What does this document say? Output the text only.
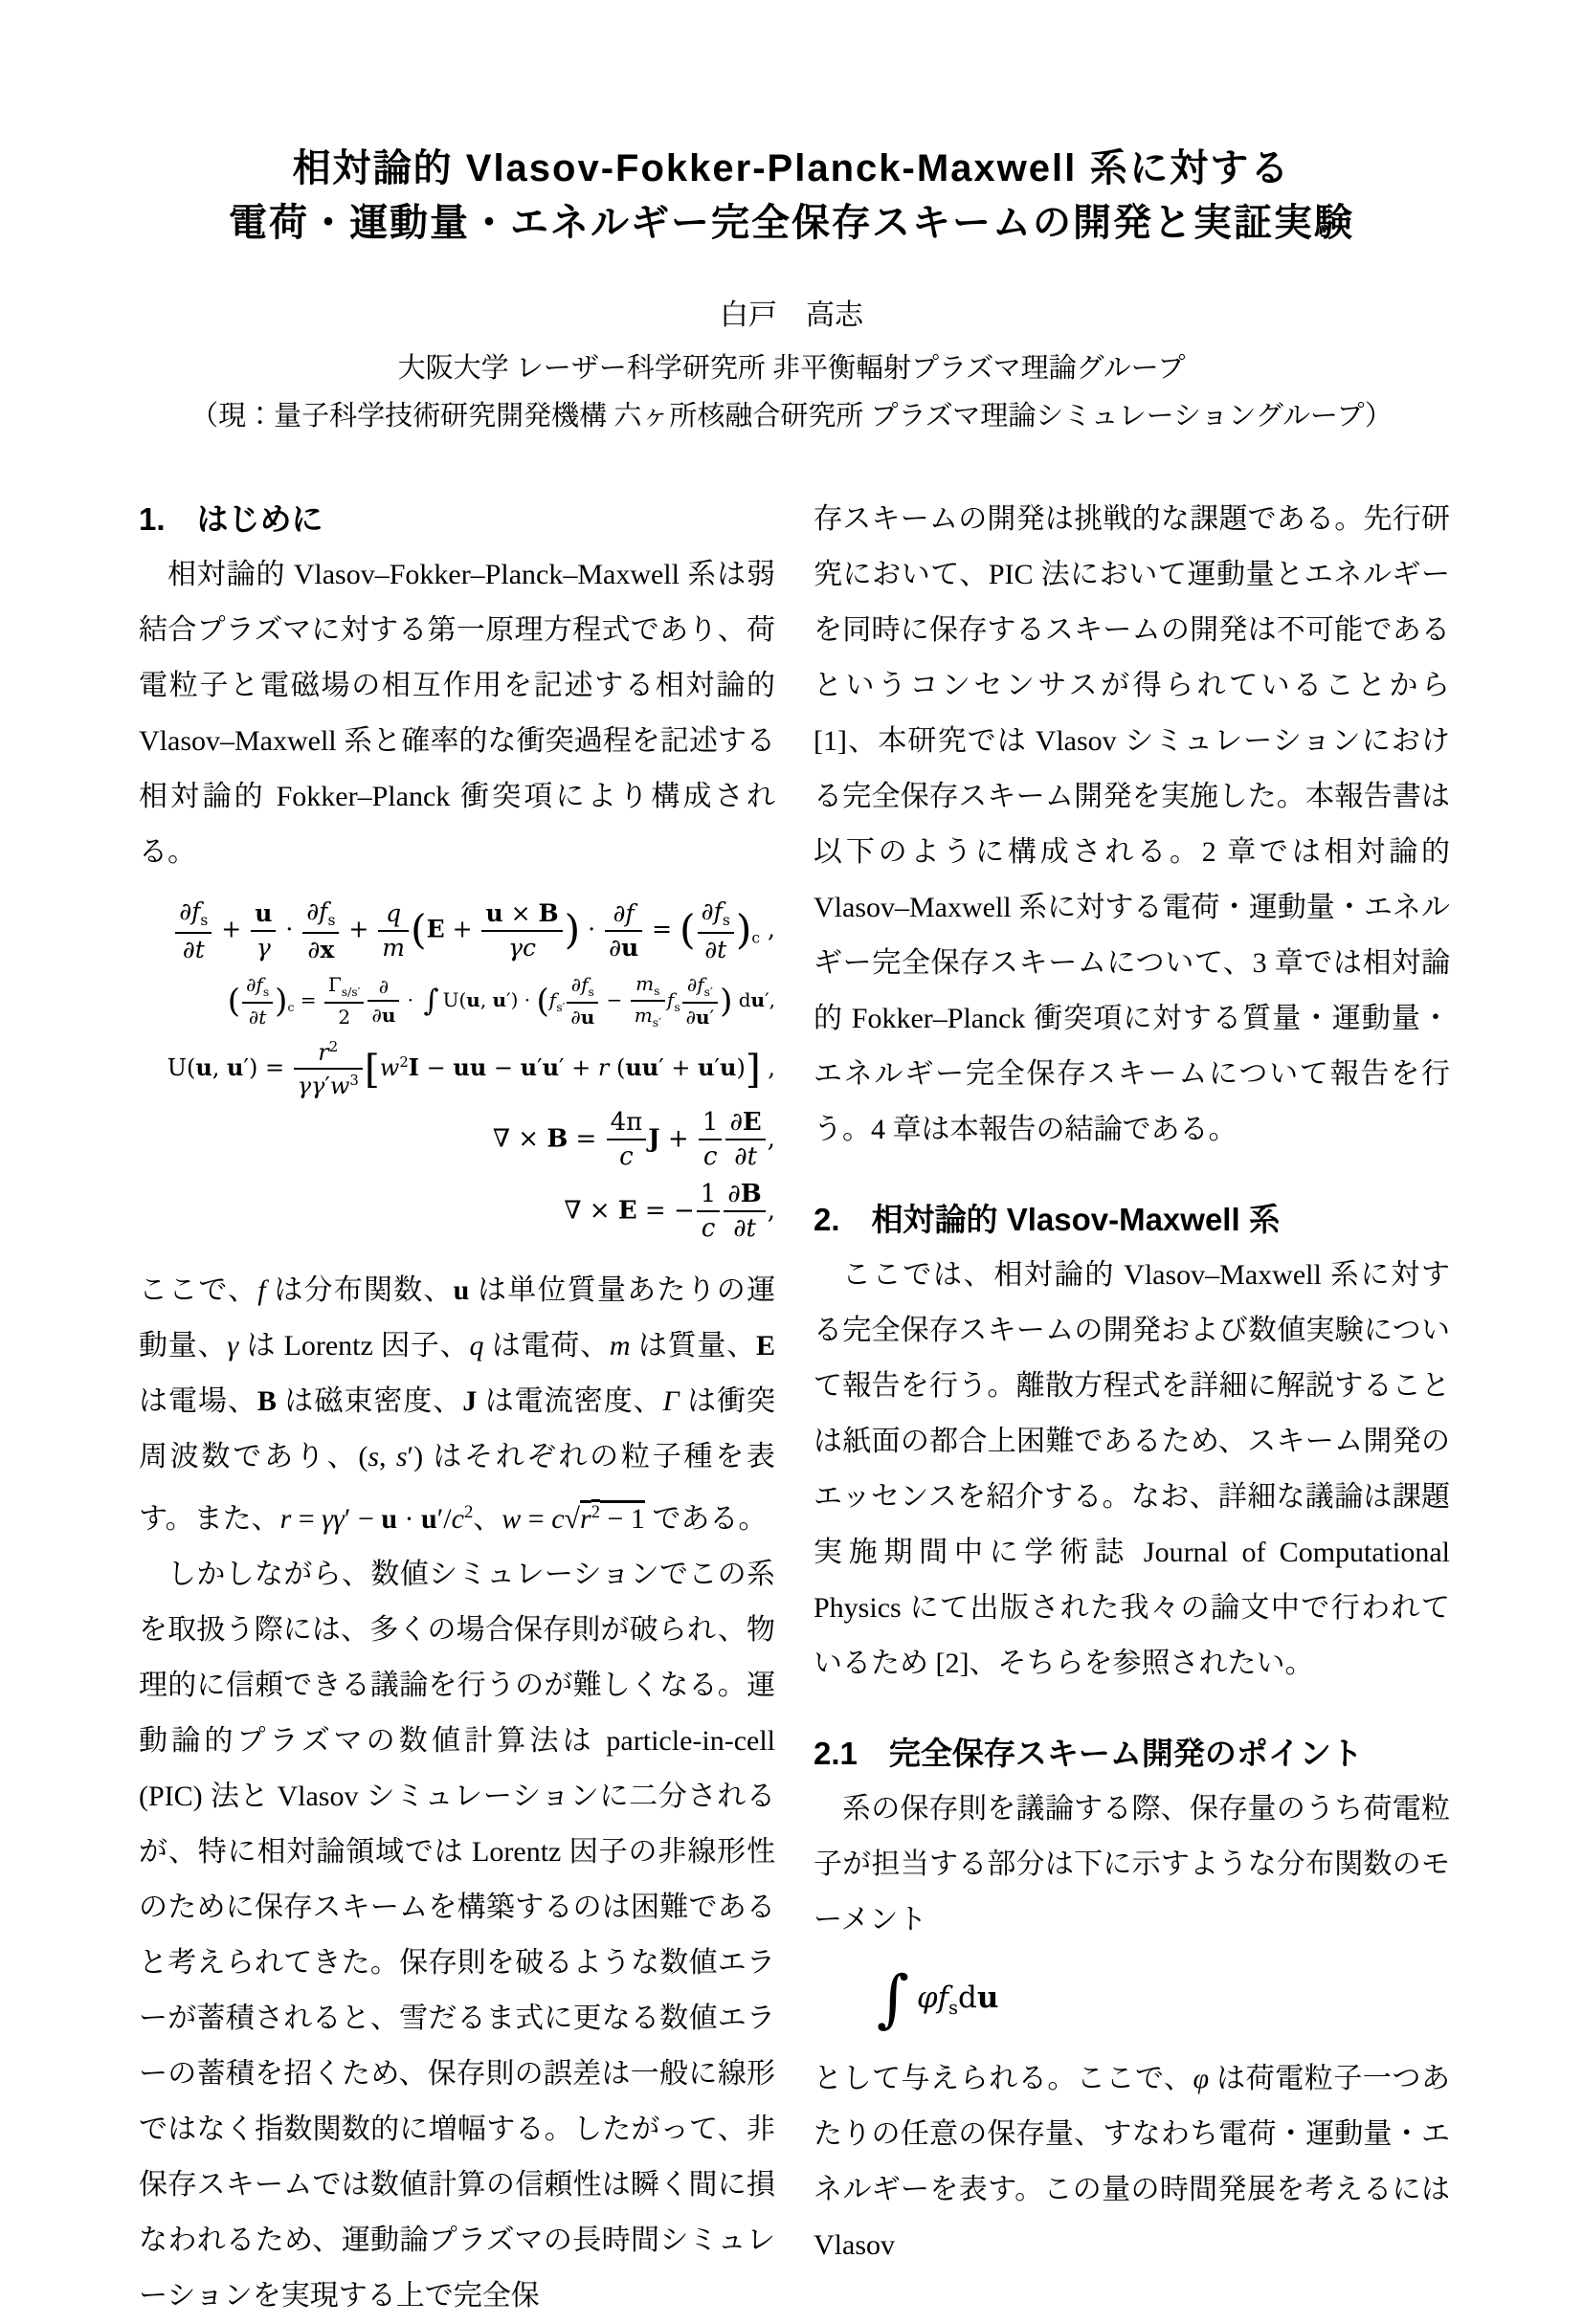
相対論的 Vlasov-Fokker-Planck-Maxwell 系に対する
電荷・運動量・エネルギー完全保存スキームの開発と実証実験
白戸　高志
大阪大学 レーザー科学研究所 非平衡輻射プラズマ理論グループ
（現：量子科学技術研究開発機構 六ヶ所核融合研究所 プラズマ理論シミュレーショングループ）
1.　はじめに

相対論的 Vlasov–Fokker–Planck–Maxwell 系は弱結合プラズマに対する第一原理方程式であり、荷電粒子と電磁場の相互作用を記述する相対論的 Vlasov–Maxwell 系と確率的な衝突過程を記述する相対論的 Fokker–Planck 衝突項により構成される。

$\frac{\partial f_s}{\partial t} + \frac{u}{\gamma} \cdot \frac{\partial f_s}{\partial x} + \frac{q}{m} (E + \frac{u \times B}{\gamma c}$ ) · $\frac{\partial f}{\partial u}$ = ( $\frac{\partial f_s}{\partial t} )_c$ ,
( $\frac{\partial f_s}{\partial t} )_c = \frac{\Gamma_{s/s'}}{2} \frac{\partial}{\partial u}$ · ∫ U(u, $u') \cdot (f_{s'} \frac{\partial f_s}{\partial u} - \frac{m_s}{m_{s'}} f_s \frac{\partial f_{s'}}{\partial u'}$ ) du′,
U(u, $u') = \frac{r^2}{\gamma\gamma'w^3} [w^2I$ − uu − u′u′ + r (uu′ + u′u)] ,
∇ × $B = \frac{4\pi}{c}$ $J + \frac{1}{c} \frac{\partial E}{\partial t}$ ,
∇ × E = − $\frac{1}{c} \frac{\partial B}{\partial t}$ ,

ここで、f は分布関数、u は単位質量あたりの運動量、γ は Lorentz 因子、q は電荷、m は質量、E は電場、B は磁束密度、J は電流密度、Γ は衝突周波数であり、(s, s′) はそれぞれの粒子種を表す。また、$r = \gamma\gamma' - u \cdot u'/c^2$、$w = c√r^2 - 1$ である。

しかしながら、数値シミュレーションでこの系を取扱う際には、多くの場合保存則が破られ、物理的に信頼できる議論を行うのが難しくなる。運動論的プラズマの数値計算法は particle-in-cell (PIC) 法と Vlasov シミュレーションに二分されるが、特に相対論領域では Lorentz 因子の非線形性のために保存スキームを構築するのは困難であると考えられてきた。保存則を破るような数値エラーが蓄積されると、雪だるま式に更なる数値エラーの蓄積を招くため、保存則の誤差は一般に線形ではなく指数関数的に増幅する。したがって、非保存スキームでは数値計算の信頼性は瞬く間に損なわれるため、運動論プラズマの長時間シミュレーションを実現する上で完全保

存スキームの開発は挑戦的な課題である。先行研究において、PIC 法において運動量とエネルギーを同時に保存するスキームの開発は不可能であるというコンセンサスが得られていることから [1]、本研究では Vlasov シミュレーションにおける完全保存スキーム開発を実施した。本報告書は以下のように構成される。2 章では相対論的 Vlasov–Maxwell 系に対する電荷・運動量・エネルギー完全保存スキームについて、3 章では相対論的 Fokker–Planck 衝突項に対する質量・運動量・エネルギー完全保存スキームについて報告を行う。4 章は本報告の結論である。

2.　相対論的 Vlasov-Maxwell 系

ここでは、相対論的 Vlasov–Maxwell 系に対する完全保存スキームの開発および数値実験について報告を行う。離散方程式を詳細に解説することは紙面の都合上困難であるため、スキーム開発のエッセンスを紹介する。なお、詳細な議論は課題実施期間中に学術誌 Journal of Computational Physics にて出版された我々の論文中で行われているため [2]、そちらを参照されたい。

2.1　完全保存スキーム開発のポイント

系の保存則を議論する際、保存量のうち荷電粒子が担当する部分は下に示すような分布関数のモーメント

∫ $\varphi f_sdu$

として与えられる。ここで、φ は荷電粒子一つあたりの任意の保存量、すなわち電荷・運動量・エネルギーを表す。この量の時間発展を考えるには Vlasov
